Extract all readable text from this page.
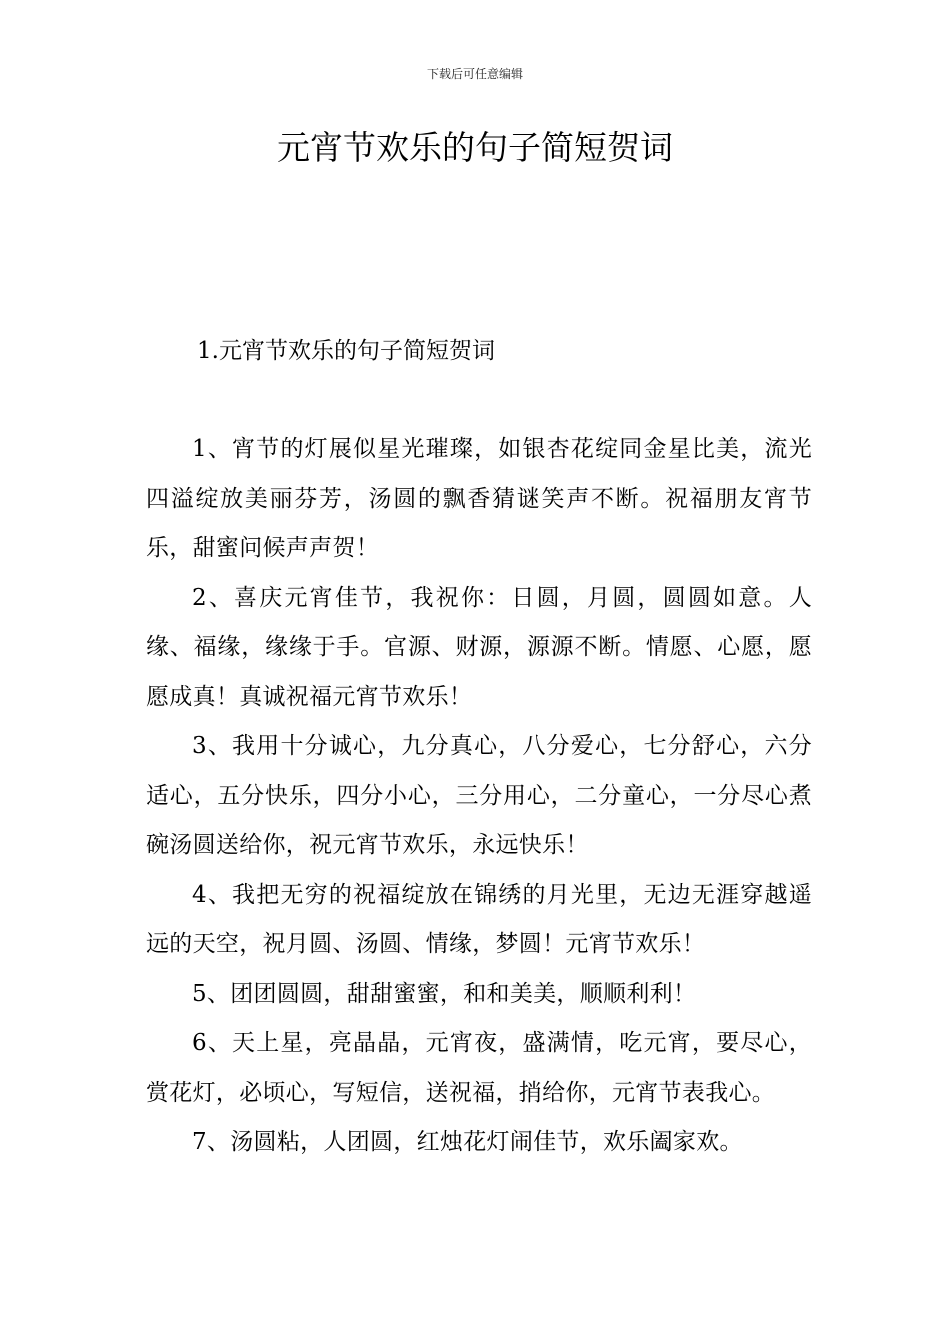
下载后可任意编辑
元宵节欢乐的句子简短贺词
1.元宵节欢乐的句子简短贺词

1、宵节的灯展似星光璀璨，如银杏花绽同金星比美，流光四溢绽放美丽芬芳，汤圆的飘香猜谜笑声不断。祝福朋友宵节乐，甜蜜问候声声贺！

2、喜庆元宵佳节，我祝你：日圆，月圆，圆圆如意。人缘、福缘，缘缘于手。官源、财源，源源不断。情愿、心愿，愿愿成真！真诚祝福元宵节欢乐！

3、我用十分诚心，九分真心，八分爱心，七分舒心，六分适心，五分快乐，四分小心，三分用心，二分童心，一分尽心煮碗汤圆送给你，祝元宵节欢乐，永远快乐！

4、我把无穷的祝福绽放在锦绣的月光里，无边无涯穿越遥远的天空，祝月圆、汤圆、情缘，梦圆！元宵节欢乐！

5、团团圆圆，甜甜蜜蜜，和和美美，顺顺利利！

6、天上星，亮晶晶，元宵夜，盛满情，吃元宵，要尽心，赏花灯，必顷心，写短信，送祝福，捎给你，元宵节表我心。

7、汤圆粘，人团圆，红烛花灯闹佳节，欢乐阖家欢。
